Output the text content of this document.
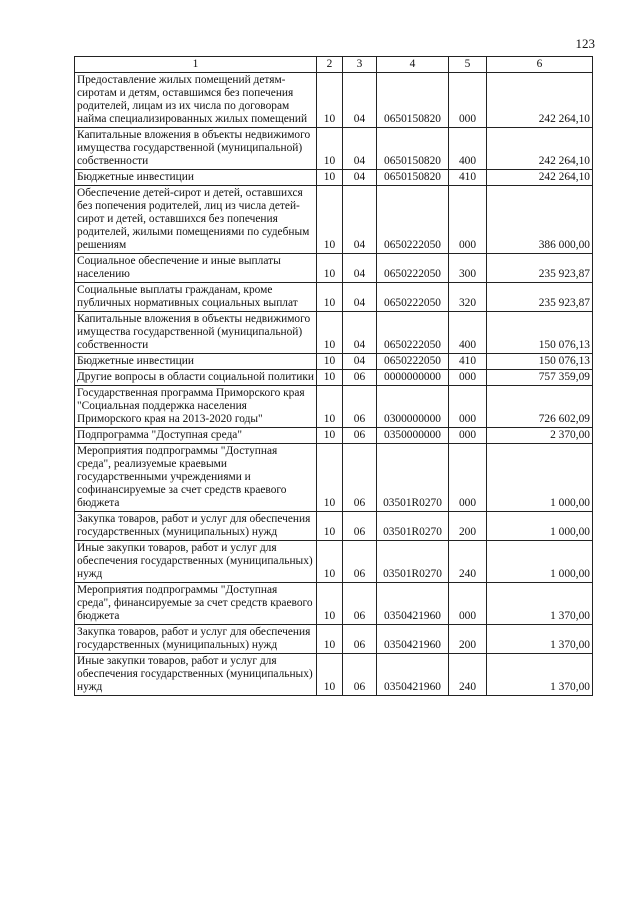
123
1	2	3	4	5	6
Предоставление жилых помещений детям-сиротам и детям, оставшимся без попечения родителей, лицам из их числа по договорам найма специализированных жилых помещений	10	04	0650150820	000	242 264,10
Капитальные вложения в объекты недвижимого имущества государственной (муниципальной) собственности	10	04	0650150820	400	242 264,10
Бюджетные инвестиции	10	04	0650150820	410	242 264,10
Обеспечение детей-сирот и детей, оставшихся без попечения родителей, лиц из числа детей-сирот и детей, оставшихся без попечения родителей, жилыми помещениями по судебным решениям	10	04	0650222050	000	386 000,00
Социальное обеспечение и иные выплаты населению	10	04	0650222050	300	235 923,87
Социальные выплаты гражданам, кроме публичных нормативных социальных выплат	10	04	0650222050	320	235 923,87
Капитальные вложения в объекты недвижимого имущества государственной (муниципальной) собственности	10	04	0650222050	400	150 076,13
Бюджетные инвестиции	10	04	0650222050	410	150 076,13
Другие вопросы в области социальной политики	10	06	0000000000	000	757 359,09
Государственная программа Приморского края "Социальная поддержка населения Приморского края на 2013-2020 годы"	10	06	0300000000	000	726 602,09
Подпрограмма "Доступная среда"	10	06	0350000000	000	2 370,00
Мероприятия подпрограммы "Доступная среда", реализуемые краевыми государственными учреждениями и софинансируемые за счет средств краевого бюджета	10	06	03501R0270	000	1 000,00
Закупка товаров, работ и услуг для обеспечения государственных (муниципальных) нужд	10	06	03501R0270	200	1 000,00
Иные закупки товаров, работ и услуг для обеспечения государственных (муниципальных) нужд	10	06	03501R0270	240	1 000,00
Мероприятия подпрограммы "Доступная среда", финансируемые за счет средств краевого бюджета	10	06	0350421960	000	1 370,00
Закупка товаров, работ и услуг для обеспечения государственных (муниципальных) нужд	10	06	0350421960	200	1 370,00
Иные закупки товаров, работ и услуг для обеспечения государственных (муниципальных) нужд	10	06	0350421960	240	1 370,00
